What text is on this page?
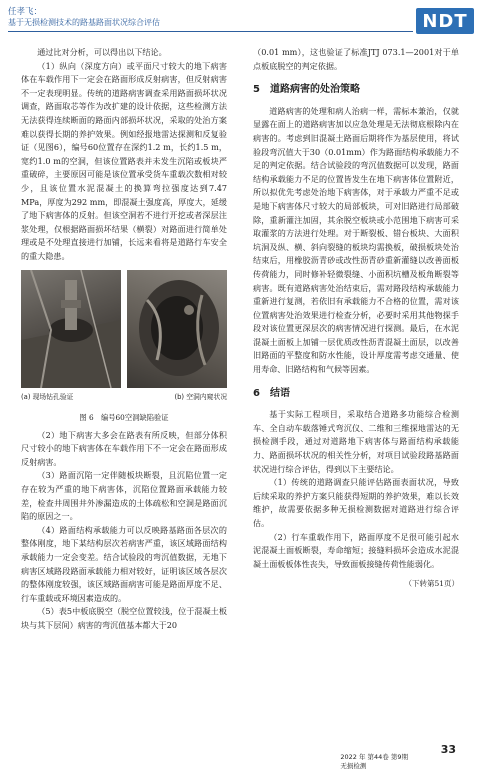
任孝飞：
基于无损检测技术的路基路面状况综合评估	NDT

通过比对分析，可以得出以下结论。

（1）纵向（深度方向）或平面尺寸较大的地下病害体在车载作用下一定会在路面形成反射病害，但反射病害不一定表现明显。传统的道路病害调查采用路面损坏状况调查，路面取芯等作为改扩建的设计依据，这些检测方法无法获得连续断面的路面内部损坏状况，采取的处治方案难以获得长期的养护效果。例如经报地雷达探测和反复验证（见图6），编号60位置存在深约1.2 m，长约1.5 m，宽约1.0 m的空洞，但该位置路表并未发生沉陷或板块严重破碎，主要原因可能是该位置承受货车重载次数相对较少，且该位置水泥混凝土的换算弯拉强度达到7.47 MPa，厚度为292 mm，即混凝土强度高，厚度大，延缓了地下病害体的反射。但该空洞若不进行开挖或者深层注浆处理，仅根据路面损坏结果（横裂）对路面进行简单处理或是不处理直接进行加铺，长远来看将是道路行车安全的重大隐患。

(a) 现场钻孔验证	(b) 空洞内窥状况
图 6　编号60空洞缺陷验证

（2）地下病害大多会在路表有所反映，但部分体积尺寸较小的地下病害体在车载作用下不一定会在路面形成反射病害。

（3）路面沉陷一定伴随板块断裂，且沉陷位置一定存在较为严重的地下病害体，沉陷位置路面承载能力较差，检查井周围井外渗漏造成的土体疏松和空洞是路面沉陷的原因之一。

（4）路面结构承载能力可以反映路基路面各层次的整体刚度，地下某结构层次若病害严重，该区域路面结构承载能力一定会变差。结合试验段的弯沉值数据，无地下病害区域路段路面承载能力相对较好，证明该区域各层次的整体刚度较强，该区域路面病害可能是路面厚度不足、行车重载或环境因素造成的。

（5）表5中板底脱空（脱空位置较浅，位于混凝土板块与其下层间）病害的弯沉值基本都大于20

（0.01 mm），这也验证了标准JTJ 073.1—2001对于单点板底脱空的判定依据。

5　道路病害的处治策略

道路病害的处理和病人治病一样，需标本兼治，仅就显露在面上的道路病害加以应急处理是无法彻底根除内在病害的。考虑到旧混凝土路面后期将作为基层使用，将试验段弯沉值大于30（0.01mm）作为路面结构承载能力不足的判定依据。结合试验段的弯沉值数据可以发现，路面结构承载能力不足的位置皆发生在地下病害体位置附近，所以拟优先考虑处治地下病害体，对于承载力严重不足或是地下病害体尺寸较大的局部板块，可对旧路进行局部破除，重新灌注加固，其余脱空板块或小范围地下病害可采取灌浆的方法进行处理。对于断裂板、错台板块、大面积坑洞及纵、横、斜向裂缝的板块均需换板，破损板块处治结束后，用橡胶沥青砂或改性沥青砂重新灌缝以改善面板传荷能力，同时修补轻微裂缝、小面积坑槽及板角断裂等病害。既有道路病害处治结束后，需对路段结构承载能力重新进行复测，若依旧有承载能力不合格的位置，需对该位置病害处治效果进行检查分析，必要时采用其他物探手段对该位置更深层次的病害情况进行探测。最后，在水泥混凝土面板上加铺一层优质改性沥青混凝土面层，以改善旧路面的平整度和防水性能，设计厚度需考虑交通量、使用寿命、旧路结构和气候等因素。

6　结语

基于实际工程项目，采取结合道路多功能综合检测车、全自动车载落锤式弯沉仪、二维和三维探地雷达的无损检测手段，通过对道路地下病害体与路面结构承载能力、路面损坏状况的相关性分析，对项目试验段路基路面状况进行综合评估，得到以下主要结论。

（1）传统的道路调查只能评估路面表面状况，导致后续采取的养护方案只能获得短期的养护效果，难以长效维护，故需要依据多种无损检测数据对道路进行综合评估。

（2）行车重载作用下，路面厚度不足很可能引起水泥混凝土面板断裂，寿命缩短；接缝料损坏会造成水泥混凝土面板板体性丧失，导致面板接缝传荷性能弱化。

（下转第51页）
33
2022 年 第44卷 第9期
无损检测
